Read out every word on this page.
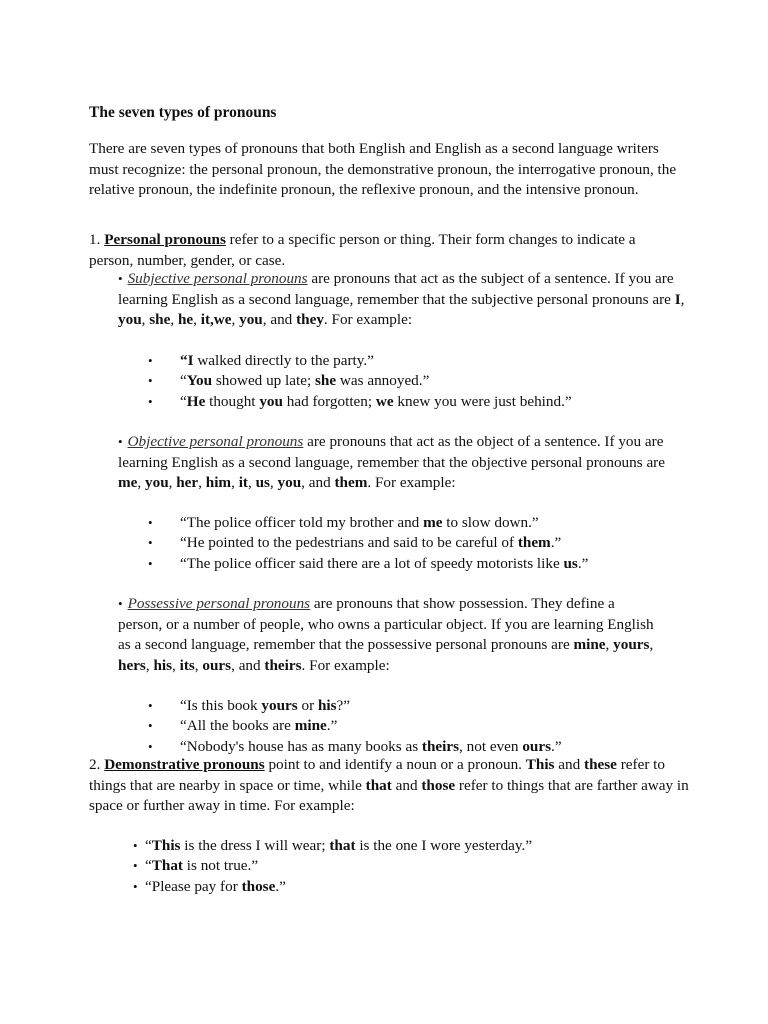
The seven types of pronouns
There are seven types of pronouns that both English and English as a second language writers must recognize: the personal pronoun, the demonstrative pronoun, the interrogative pronoun, the relative pronoun, the indefinite pronoun, the reflexive pronoun, and the intensive pronoun.
1. Personal pronouns refer to a specific person or thing. Their form changes to indicate a person, number, gender, or case.
• Subjective personal pronouns are pronouns that act as the subject of a sentence. If you are learning English as a second language, remember that the subjective personal pronouns are I, you, she, he, it,we, you, and they. For example:
•	“I walked directly to the party.”
•	“You showed up late; she was annoyed.”
•	“He thought you had forgotten; we knew you were just behind.”
• Objective personal pronouns are pronouns that act as the object of a sentence. If you are learning English as a second language, remember that the objective personal pronouns are me, you, her, him, it, us, you, and them. For example:
•	“The police officer told my brother and me to slow down.”
•	“He pointed to the pedestrians and said to be careful of them.”
•	“The police officer said there are a lot of speedy motorists like us.”
• Possessive personal pronouns are pronouns that show possession. They define a person, or a number of people, who owns a particular object. If you are learning English as a second language, remember that the possessive personal pronouns are mine, yours, hers, his, its, ours, and theirs. For example:
•	“Is this book yours or his?”
•	“All the books are mine.”
•	“Nobody's house has as many books as theirs, not even ours.”
2. Demonstrative pronouns point to and identify a noun or a pronoun. This and these refer to things that are nearby in space or time, while that and those refer to things that are farther away in space or further away in time. For example:
• “This is the dress I will wear; that is the one I wore yesterday.”
• “That is not true.”
• “Please pay for those.”
